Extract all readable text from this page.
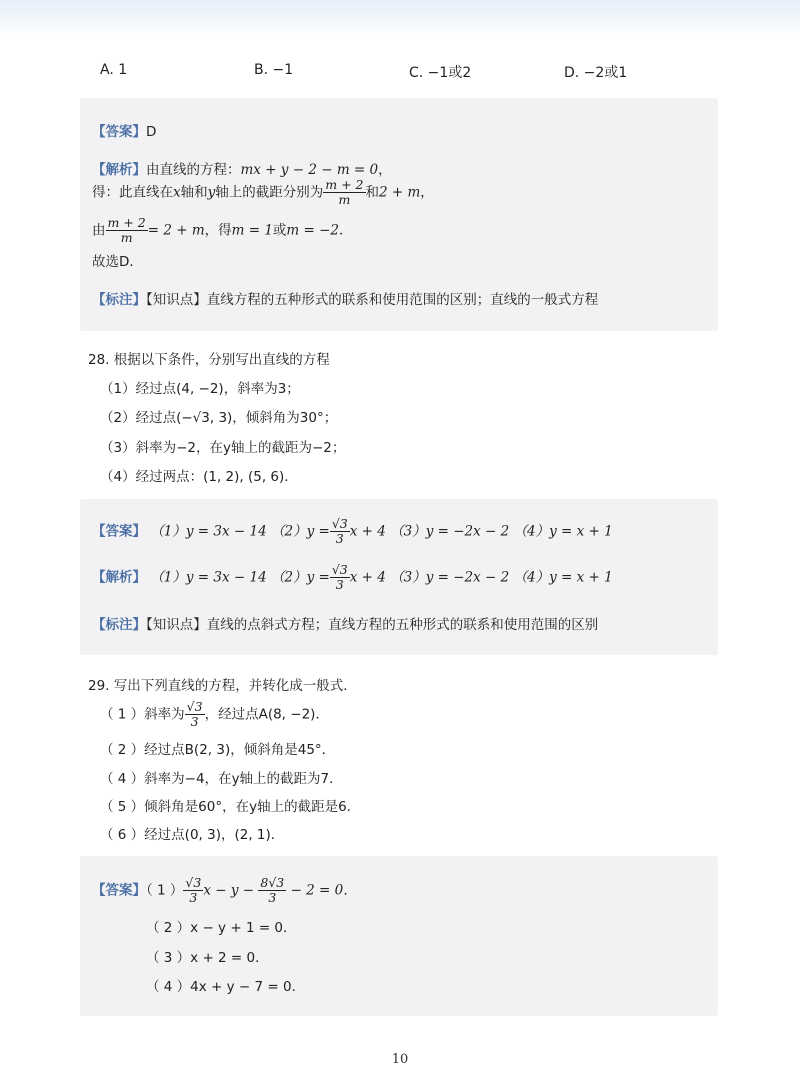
A. 1	B. −1	C. −1或2	D. −2或1
【答案】D
【解析】由直线的方程：mx + y − 2 − m = 0，
得：此直线在x轴和y轴上的截距分别为 $\frac{m + 2}{m}$ 和2 + m，
由 $\frac{m + 2}{m} = 2 + m$，得m = 1或m = −2．
故选D．
【标注】【知识点】直线方程的五种形式的联系和使用范围的区别；直线的一般式方程
28. 根据以下条件，分别写出直线的方程
（1）经过点(4, −2)，斜率为3；
（2）经过点(−√3, 3)，倾斜角为30°；
（3）斜率为−2，在y轴上的截距为−2；
（4）经过两点：(1, 2), (5, 6)．
【答案】 （1）y = 3x − 14 $(2)y = \frac{√3}{3}$ x + 4 （3）y = −2x − 2 （4）y = x + 1
【解析】 （1）y = 3x − 14 $(2)y = \frac{√3}{3}$ x + 4 （3）y = −2x − 2 （4）y = x + 1
【标注】【知识点】直线的点斜式方程；直线方程的五种形式的联系和使用范围的区别
29. 写出下列直线的方程，并转化成一般式．
（ 1 ）斜率为 $\frac{√3}{3}$ ，经过点A(8, −2)．
（ 2 ）经过点B(2, 3)，倾斜角是45°．
（ 4 ）斜率为−4，在y轴上的截距为7．
（ 5 ）倾斜角是60°，在y轴上的截距是6．
（ 6 ）经过点(0, 3)，(2, 1)．
【答案】（ 1 ） $\frac{√3}{3}$ $x - y - \frac{8√3}{3} - 2 = 0$．
（ 2 ）x − y + 1 = 0．
（ 3 ）x + 2 = 0．
（ 4 ）4x + y − 7 = 0．
10
